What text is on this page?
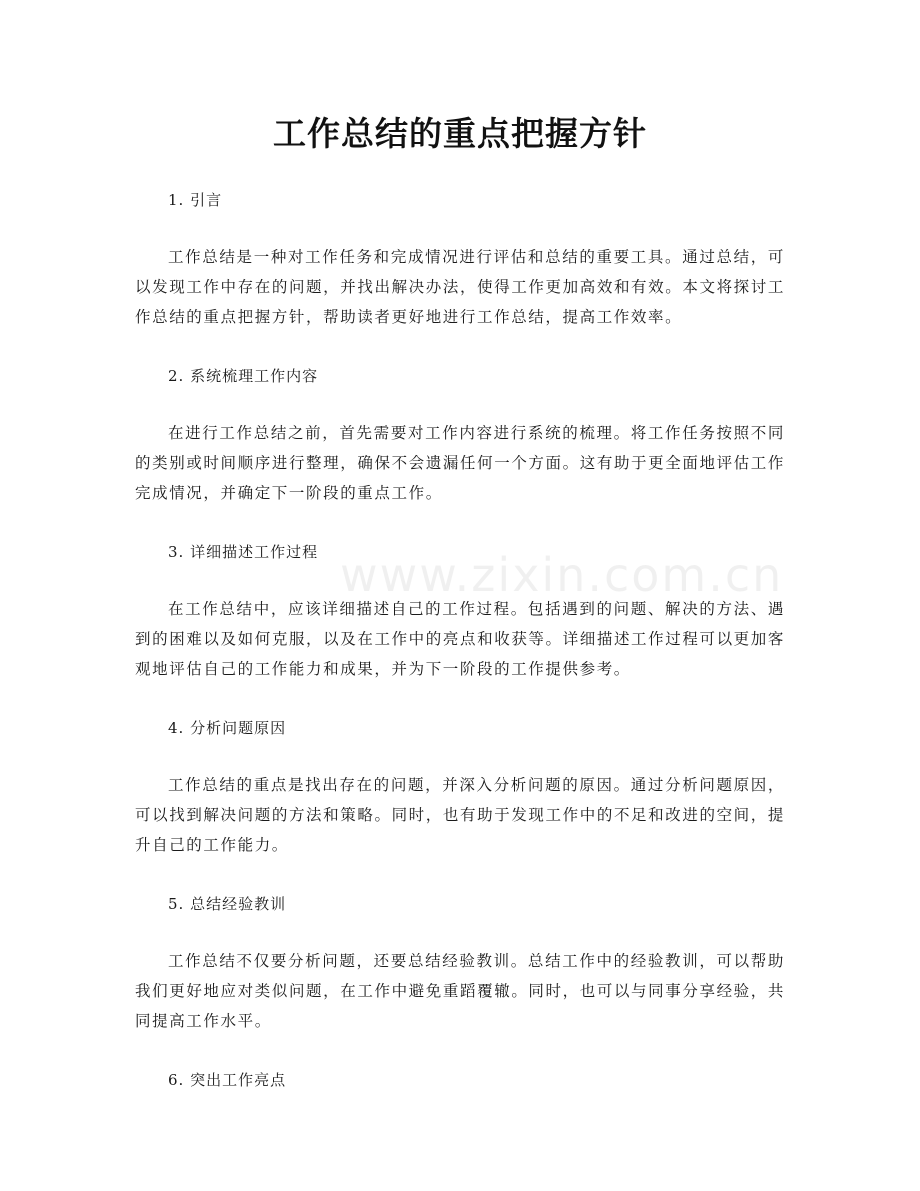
工作总结的重点把握方针
www.zixin.com.cn

1. 引言

工作总结是一种对工作任务和完成情况进行评估和总结的重要工具。通过总结，可以发现工作中存在的问题，并找出解决办法，使得工作更加高效和有效。本文将探讨工作总结的重点把握方针，帮助读者更好地进行工作总结，提高工作效率。

2. 系统梳理工作内容

在进行工作总结之前，首先需要对工作内容进行系统的梳理。将工作任务按照不同的类别或时间顺序进行整理，确保不会遗漏任何一个方面。这有助于更全面地评估工作完成情况，并确定下一阶段的重点工作。

3. 详细描述工作过程

在工作总结中，应该详细描述自己的工作过程。包括遇到的问题、解决的方法、遇到的困难以及如何克服，以及在工作中的亮点和收获等。详细描述工作过程可以更加客观地评估自己的工作能力和成果，并为下一阶段的工作提供参考。

4. 分析问题原因

工作总结的重点是找出存在的问题，并深入分析问题的原因。通过分析问题原因，可以找到解决问题的方法和策略。同时，也有助于发现工作中的不足和改进的空间，提升自己的工作能力。

5. 总结经验教训

工作总结不仅要分析问题，还要总结经验教训。总结工作中的经验教训，可以帮助我们更好地应对类似问题，在工作中避免重蹈覆辙。同时，也可以与同事分享经验，共同提高工作水平。

6. 突出工作亮点
